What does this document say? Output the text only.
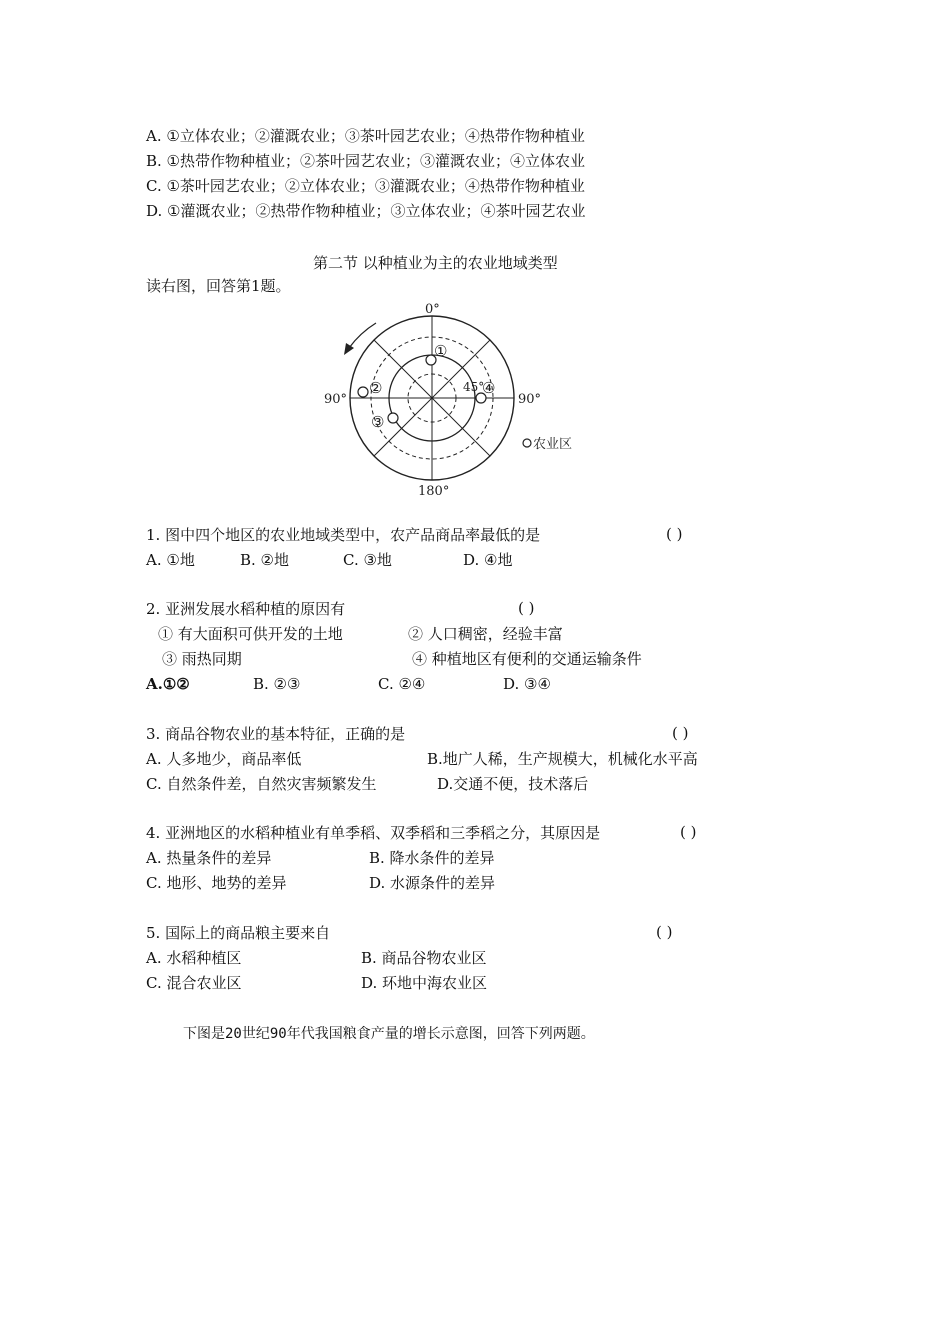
A. ①立体农业；②灌溉农业；③茶叶园艺农业；④热带作物种植业
B. ①热带作物种植业；②茶叶园艺农业；③灌溉农业；④立体农业
C. ①茶叶园艺农业；②立体农业；③灌溉农业；④热带作物种植业
D. ①灌溉农业；②热带作物种植业；③立体农业；④茶叶园艺农业
第二节 以种植业为主的农业地域类型
读右图，回答第1题。
①
②
③
④
0°
180°
90°	90°
45°
农业区
1. 图中四个地区的农业地域类型中，农产品商品率最低的是	( )
A. ①地	B. ②地	C. ③地	D. ④地
2. 亚洲发展水稻种植的原因有	( )
① 有大面积可供开发的土地	② 人口稠密，经验丰富
③ 雨热同期	④ 种植地区有便利的交通运输条件
A.①②	B. ②③	C. ②④	D. ③④
3. 商品谷物农业的基本特征，正确的是	( )
A. 人多地少，商品率低	B.地广人稀，生产规模大，机械化水平高
C. 自然条件差，自然灾害频繁发生	D.交通不便，技术落后
4. 亚洲地区的水稻种植业有单季稻、双季稻和三季稻之分，其原因是	( )
A. 热量条件的差异	B. 降水条件的差异
C. 地形、地势的差异	D. 水源条件的差异
5. 国际上的商品粮主要来自	( )
A. 水稻种植区	B. 商品谷物农业区
C. 混合农业区	D. 环地中海农业区
下图是20世纪90年代我国粮食产量的增长示意图，回答下列两题。
